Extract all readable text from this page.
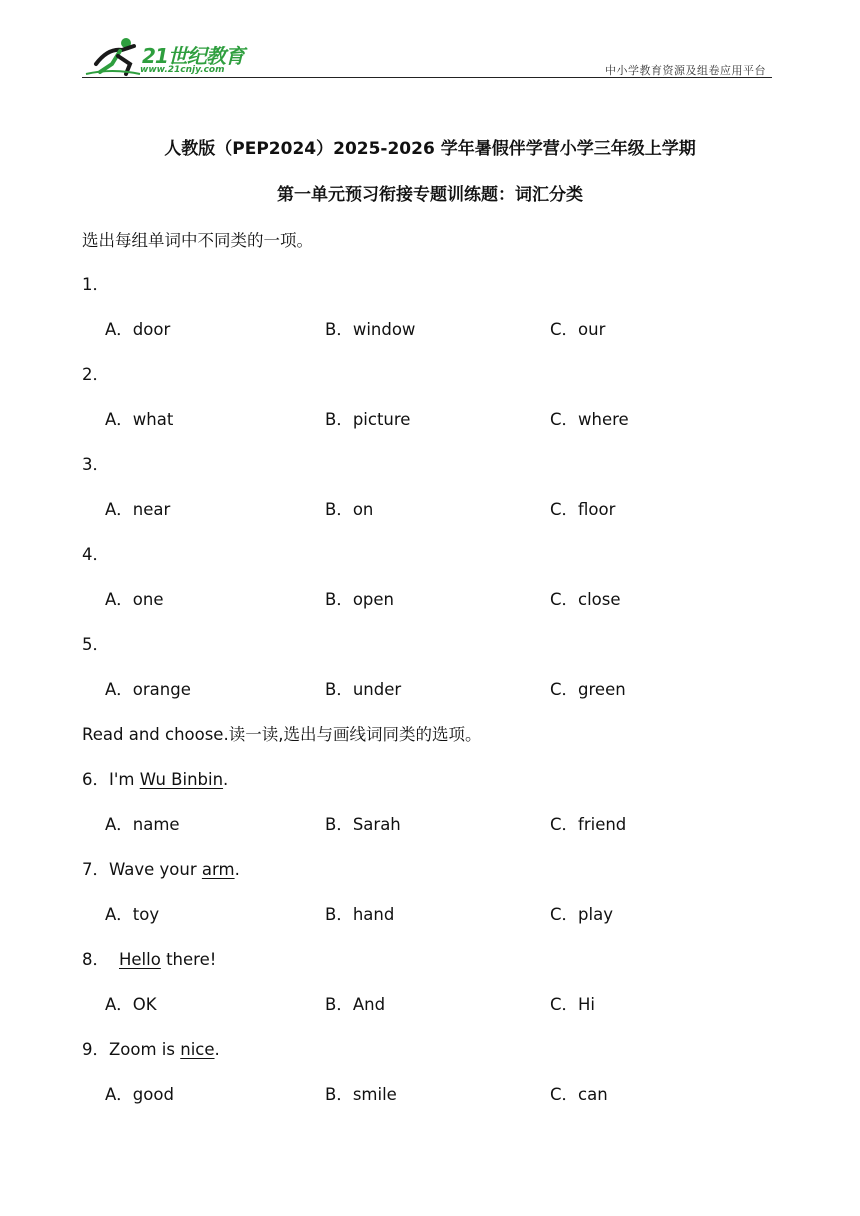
21世纪教育
www.21cnjy.com	中小学教育资源及组卷应用平台
人教版（PEP2024）2025-2026 学年暑假伴学营小学三年级上学期
第一单元预习衔接专题训练题：词汇分类
选出每组单词中不同类的一项。
1．
A．door	B．window	C．our
2．
A．what	B．picture	C．where
3．
A．near	B．on	C．floor
4．
A．one	B．open	C．close
5．
A．orange	B．under	C．green
Read and choose.读一读,选出与画线词同类的选项。
6．I'm Wu Binbin.
A．name	B．Sarah	C．friend
7．Wave your arm.
A．toy	B．hand	C．play
8． Hello there!
A．OK	B．And	C．Hi
9．Zoom is nice.
A．good	B．smile	C．can
